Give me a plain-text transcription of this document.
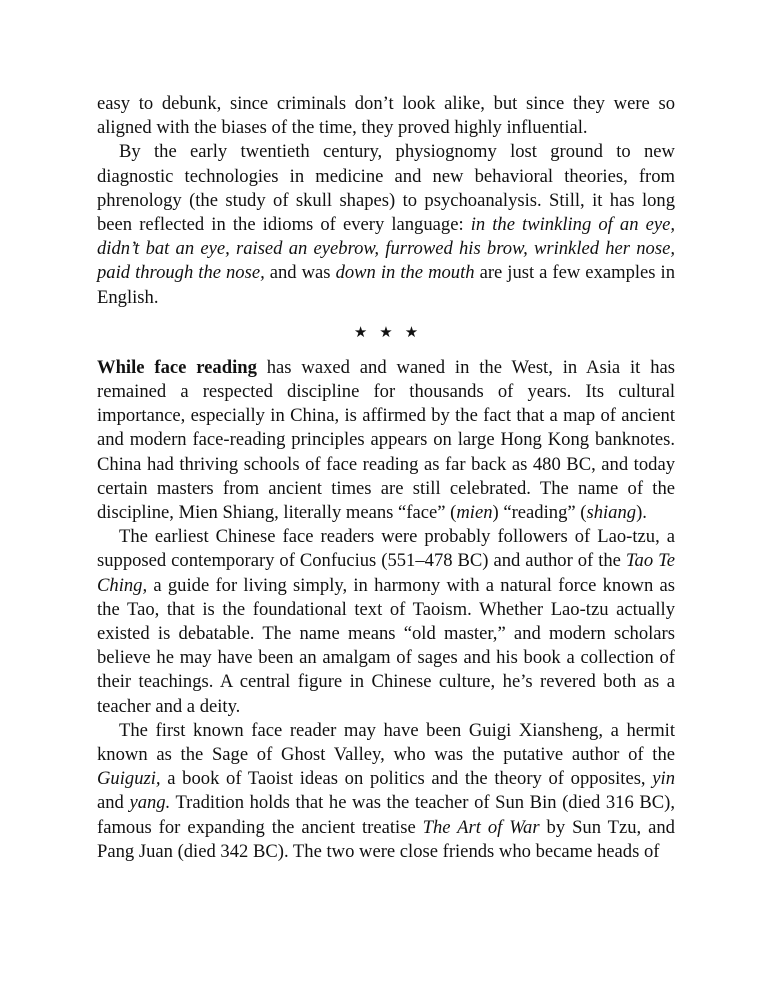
easy to debunk, since criminals don’t look alike, but since they were so aligned with the biases of the time, they proved highly influential.

By the early twentieth century, physiognomy lost ground to new diagnostic technologies in medicine and new behavioral theories, from phrenology (the study of skull shapes) to psychoanalysis. Still, it has long been reflected in the idioms of every language: in the twinkling of an eye, didn’t bat an eye, raised an eyebrow, furrowed his brow, wrinkled her nose, paid through the nose, and was down in the mouth are just a few examples in English.

★★★

While face reading has waxed and waned in the West, in Asia it has remained a respected discipline for thousands of years. Its cultural importance, especially in China, is affirmed by the fact that a map of ancient and modern face-reading principles appears on large Hong Kong banknotes. China had thriving schools of face reading as far back as 480 BC, and today certain masters from ancient times are still celebrated. The name of the discipline, Mien Shiang, literally means “face” (mien) “reading” (shiang).

The earliest Chinese face readers were probably followers of Lao-tzu, a supposed contemporary of Confucius (551–478 BC) and author of the Tao Te Ching, a guide for living simply, in harmony with a natural force known as the Tao, that is the foundational text of Taoism. Whether Lao-tzu actually existed is debatable. The name means “old master,” and modern scholars believe he may have been an amalgam of sages and his book a collection of their teachings. A central figure in Chinese culture, he’s revered both as a teacher and a deity.

The first known face reader may have been Guigi Xiansheng, a hermit known as the Sage of Ghost Valley, who was the putative author of the Guiguzi, a book of Taoist ideas on politics and the theory of opposites, yin and yang. Tradition holds that he was the teacher of Sun Bin (died 316 BC), famous for expanding the ancient treatise The Art of War by Sun Tzu, and Pang Juan (died 342 BC). The two were close friends who became heads of
